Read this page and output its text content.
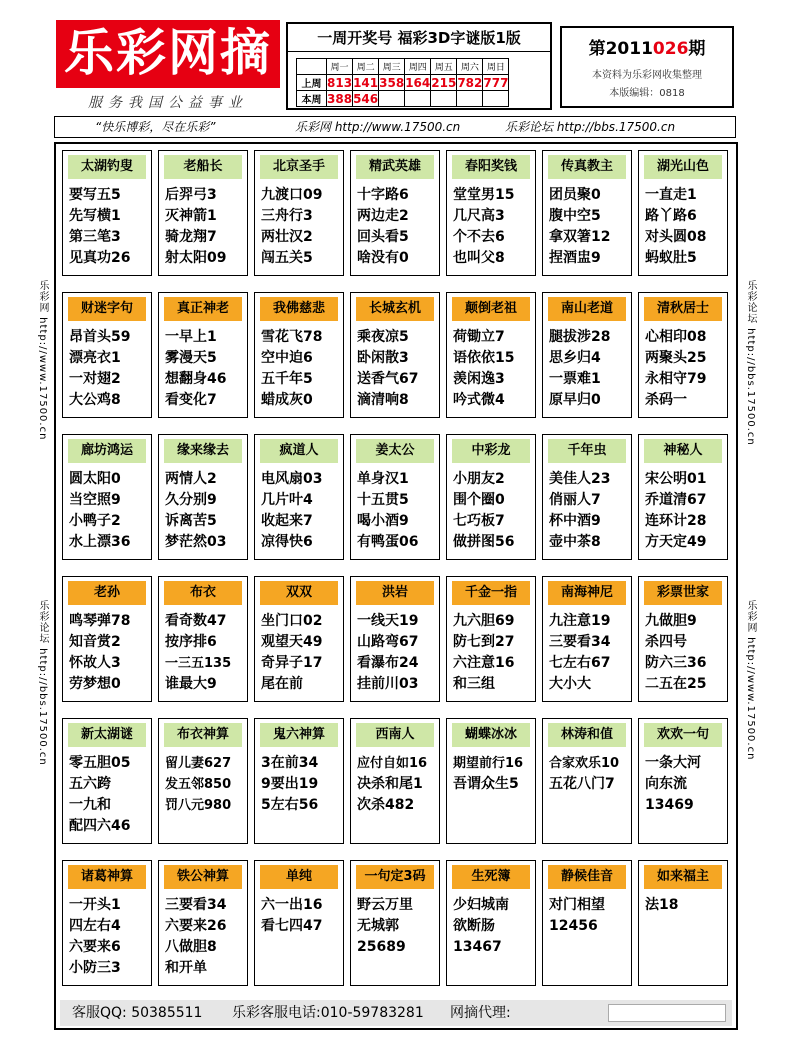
乐彩网摘
服务我国公益事业
一周开奖号 福彩3D字谜版1版
	周一	周二	周三	周四	周五	周六	周日
上周	813	141	358	164	215	782	777
本周	388	546					
第2011026期
本资料为乐彩网收集整理
本版编辑：0818
“快乐博彩，尽在乐彩”	乐彩网 http://www.17500.cn	乐彩论坛 http://bbs.17500.cn
乐彩网 http://www.17500.cn
乐彩论坛 http://bbs.17500.cn
乐彩论坛 http://bbs.17500.cn
乐彩网 http://www.17500.cn
太湖钓叟
要写五5
先写横1
第三笔3
见真功26
老船长
后羿弓3
灭神箭1
骑龙翔7
射太阳09
北京圣手
九渡口09
三舟行3
两壮汉2
闯五关5
精武英雄
十字路6
两边走2
回头看5
啥没有0
春阳奖钱
堂堂男15
几尺高3
个不去6
也叫父8
传真教主
团员聚0
腹中空5
拿双箸12
捏酒盅9
湖光山色
一直走1
路丫路6
对头圆08
蚂蚁肚5
财迷字句
昂首头59
漂亮衣1
一对翅2
大公鸡8
真正神老
一早上1
雾漫天5
想翻身46
看变化7
我佛慈悲
雪花飞78
空中迫6
五千年5
蜡成灰0
长城玄机
乘夜凉5
卧闲散3
送香气67
滴清响8
颠倒老祖
荷锄立7
语依依15
羡闲逸3
吟式微4
南山老道
腿拔涉28
思乡归4
一票难1
原早归0
清秋居士
心相印08
两聚头25
永相守79
杀码一
廊坊鸿运
圆太阳0
当空照9
小鸭子2
水上漂36
缘来缘去
两情人2
久分别9
诉离苦5
梦茫然03
疯道人
电风扇03
几片叶4
收起来7
凉得快6
姜太公
单身汉1
十五贯5
喝小酒9
有鸭蛋06
中彩龙
小朋友2
围个圈0
七巧板7
做拼图56
千年虫
美佳人23
俏丽人7
杯中酒9
壶中茶8
神秘人
宋公明01
乔道清67
连环计28
方天定49
老孙
鸣琴弹78
知音赏2
怀故人3
劳梦想0
布衣
看奇数47
按序排6
一三五135
谁最大9
双双
坐门口02
观望天49
奇异子17
尾在前
洪岩
一线天19
山路弯67
看瀑布24
挂前川03
千金一指
九六胆69
防七到27
六注意16
和三组
南海神尼
九注意19
三要看34
七左右67
大小大
彩票世家
九做胆9
杀四号
防六三36
二五在25
新太湖谜
零五胆05
五六跨
一九和
配四六46
布衣神算
留儿妻627
发五邻850
罚八元980
鬼六神算
3在前34
9要出19
5左右56
西南人
应付自如16
决杀和尾1
次杀482
蝴蝶冰冰
期望前行16
吾谓众生5
林涛和值
合家欢乐10
五花八门7
欢欢一句
一条大河
向东流
13469
诸葛神算
一开头1
四左右4
六要来6
小防三3
铁公神算
三要看34
六要来26
八做胆8
和开单
单纯
六一出16
看七四47
一句定3码
野云万里
无城郭
25689
生死簿
少妇城南
欲断肠
13467
静候佳音
对门相望
12456
如来福主
法18
客服QQ: 50385511 乐彩客服电话:010-59783281 网摘代理:
